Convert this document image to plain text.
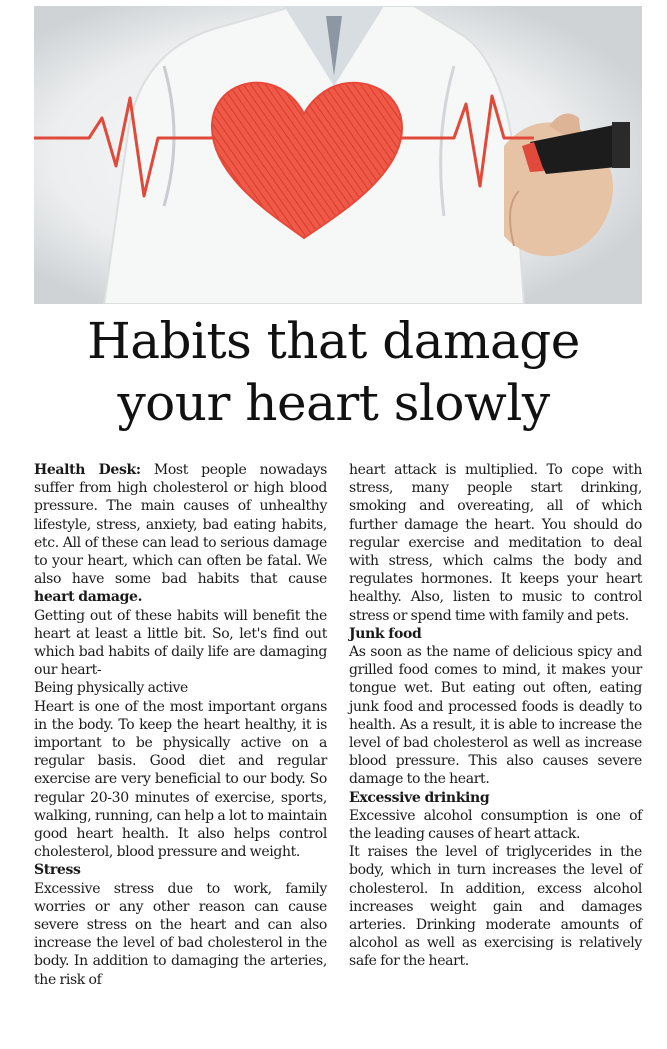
Habits that damage
your heart slowly

Health Desk: Most people nowadays suffer from high cholesterol or high blood pressure. The main causes of unhealthy lifestyle, stress, anxiety, bad eating habits, etc. All of these can lead to serious damage to your heart, which can often be fatal. We also have some bad habits that cause heart damage.

Getting out of these habits will benefit the heart at least a little bit. So, let's find out which bad habits of daily life are damaging our heart-

Being physically active

Heart is one of the most important organs in the body. To keep the heart healthy, it is important to be physically active on a regular basis. Good diet and regular exercise are very beneficial to our body. So regular 20-30 minutes of exercise, sports, walking, running, can help a lot to maintain good heart health. It also helps control cholesterol, blood pressure and weight.

Stress

Excessive stress due to work, family worries or any other reason can cause severe stress on the heart and can also increase the level of bad cholesterol in the body. In addition to damaging the arteries, the risk of

heart attack is multiplied. To cope with stress, many people start drinking, smoking and overeating, all of which further damage the heart. You should do regular exercise and meditation to deal with stress, which calms the body and regulates hormones. It keeps your heart healthy. Also, listen to music to control stress or spend time with family and pets.

Junk food

As soon as the name of delicious spicy and grilled food comes to mind, it makes your tongue wet. But eating out often, eating junk food and processed foods is deadly to health. As a result, it is able to increase the level of bad cholesterol as well as increase blood pressure. This also causes severe damage to the heart.

Excessive drinking

Excessive alcohol consumption is one of the leading causes of heart attack.

It raises the level of triglycerides in the body, which in turn increases the level of cholesterol. In addition, excess alcohol increases weight gain and damages arteries. Drinking moderate amounts of alcohol as well as exercising is relatively safe for the heart.
